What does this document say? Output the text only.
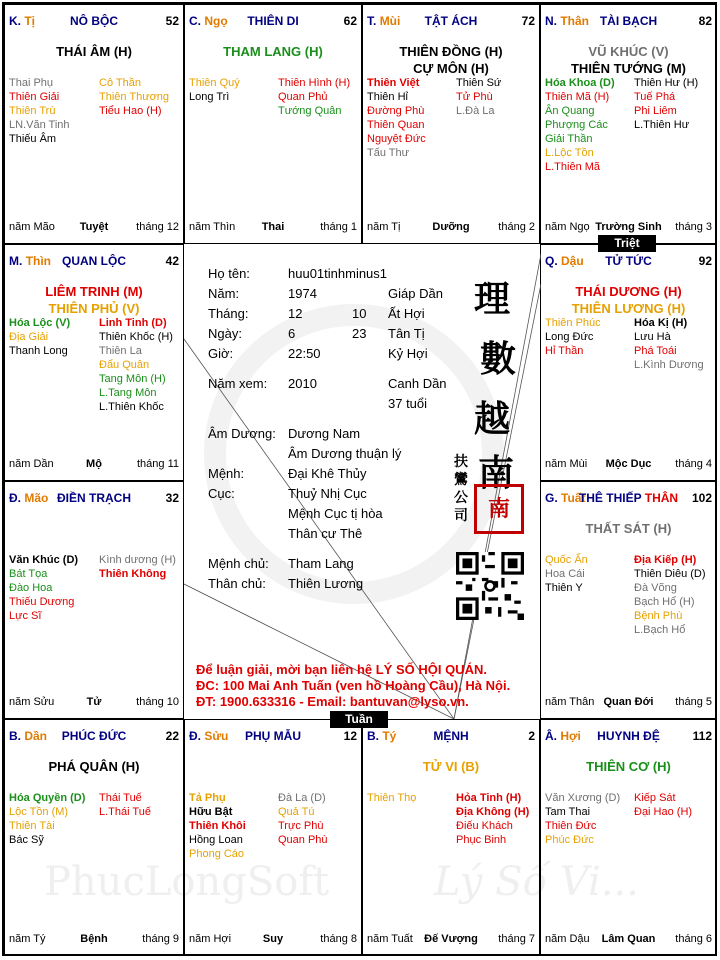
PhucLongSoft	Lý Số Vi...
K. Tị	NÔ BỘC	52
THÁI ÂM (H)
Thai Phụ
Thiên Giải
Thiên Trù
LN.Văn Tinh
Thiếu Âm
Cô Thần
Thiên Thương
Tiểu Hao (H)
năm Mão	Tuyệt	tháng 12
C. Ngọ	THIÊN DI	62
THAM LANG (H)
Thiên Quý
Long Trì
Thiên Hình (H)
Quan Phủ
Tướng Quân
năm Thìn	Thai	tháng 1
T. Mùi	TẬT ÁCH	72
THIÊN ĐỒNG (H)
CỰ MÔN (H)
Thiên Việt
Thiên Hỉ
Đường Phù
Thiên Quan
Nguyệt Đức
Tấu Thư
Thiên Sứ
Tử Phù
L.Đà La
năm Tị	Dưỡng	tháng 2
N. Thân TÀI BẠCH	82
VŨ KHÚC (V)
THIÊN TƯỚNG (M)
Hóa Khoa (D)
Thiên Mã (H)
Ân Quang
Phượng Các
Giải Thần
L.Lộc Tồn
L.Thiên Mã
Thiên Hư (H)
Tuế Phá
Phi Liêm
L.Thiên Hư
năm Ngọ Trường Sinh	tháng 3
Q. Dậu	TỬ TỨC	92
THÁI DƯƠNG (H)
THIÊN LƯƠNG (H)
Thiên Phúc
Long Đức
Hỉ Thần
Hóa Kị (H)
Lưu Hà
Phá Toái
L.Kình Dương
năm Mùi	Mộc Dục	tháng 4
G. Tuất
THÊ THIẾP THÂN	102
THẤT SÁT (H)
Quốc Ấn
Hoa Cái
Thiên Y
Địa Kiếp (H)
Thiên Diêu (D)
Đà Võng
Bạch Hổ (H)
Bệnh Phù
L.Bạch Hổ
năm Thân Quan Đới	tháng 5
Â. Hợi	HUYNH ĐỆ	112
THIÊN CƠ (H)
Văn Xương (D)
Tam Thai
Thiên Đức
Phúc Đức
Kiếp Sát
Đại Hao (H)
năm Dậu	Lâm Quan	tháng 6
B. Tý	MỆNH	2
TỬ VI (B)
Thiên Thọ	Hỏa Tinh (H)
Địa Không (H)
Điếu Khách
Phục Binh
năm Tuất	Đế Vượng	tháng 7
Đ. Sửu	PHỤ MẪU	12
Tả Phụ
Hữu Bật
Thiên Khôi
Hồng Loan
Phong Cáo
Đà La (D)
Quả Tú
Trực Phù
Quan Phù
năm Hợi	Suy	tháng 8
B. Dần	PHÚC ĐỨC	22
PHÁ QUÂN (H)
Hóa Quyền (D)
Lộc Tồn (M)
Thiên Tài
Bác Sỹ
Thái Tuế
L.Thái Tuế
năm Tý	Bệnh	tháng 9
Đ. Mão ĐIỀN TRẠCH	32
Văn Khúc (D)
Bát Tọa
Đào Hoa
Thiếu Dương
Lực Sĩ
Kình dương (H)
Thiên Không
năm Sửu	Tử	tháng 10
M. Thìn QUAN LỘC	42
LIÊM TRINH (M)
THIÊN PHỦ (V)
Hóa Lộc (V)
Địa Giải
Thanh Long
Linh Tinh (D)
Thiên Khốc (H)
Thiên La
Đẩu Quân
Tang Môn (H)
L.Tang Môn
L.Thiên Khốc
năm Dần	Mộ	tháng 11
Họ tên:	huu01tinhminus1
Năm:	1974	Giáp Dần
Tháng:	12	10 Ất Hợi
Ngày:	6	23 Tân Tị
Giờ:	22:50	Kỷ Hợi
Năm xem: 2010	Canh Dần
37 tuổi
Âm Dương: Dương Nam
Âm Dương thuận lý
Mệnh:	Đại Khê Thủy
Cục:	Thuỷ Nhị Cục
Mệnh Cục tị hòa
Thân cư Thê
Mệnh chủ: Tham Lang
Thân chủ: Thiên Lương
理
數
越
南
扶
鸞
公
司 南
Để luận giải, mời bạn liên hệ LÝ SỐ HỘI QUÁN.
ĐC: 100 Mai Anh Tuấn (ven hồ Hoàng Cầu), Hà Nội.
ĐT: 1900.633316 - Email: bantuvan@lyso.vn.
Triệt
Tuần
